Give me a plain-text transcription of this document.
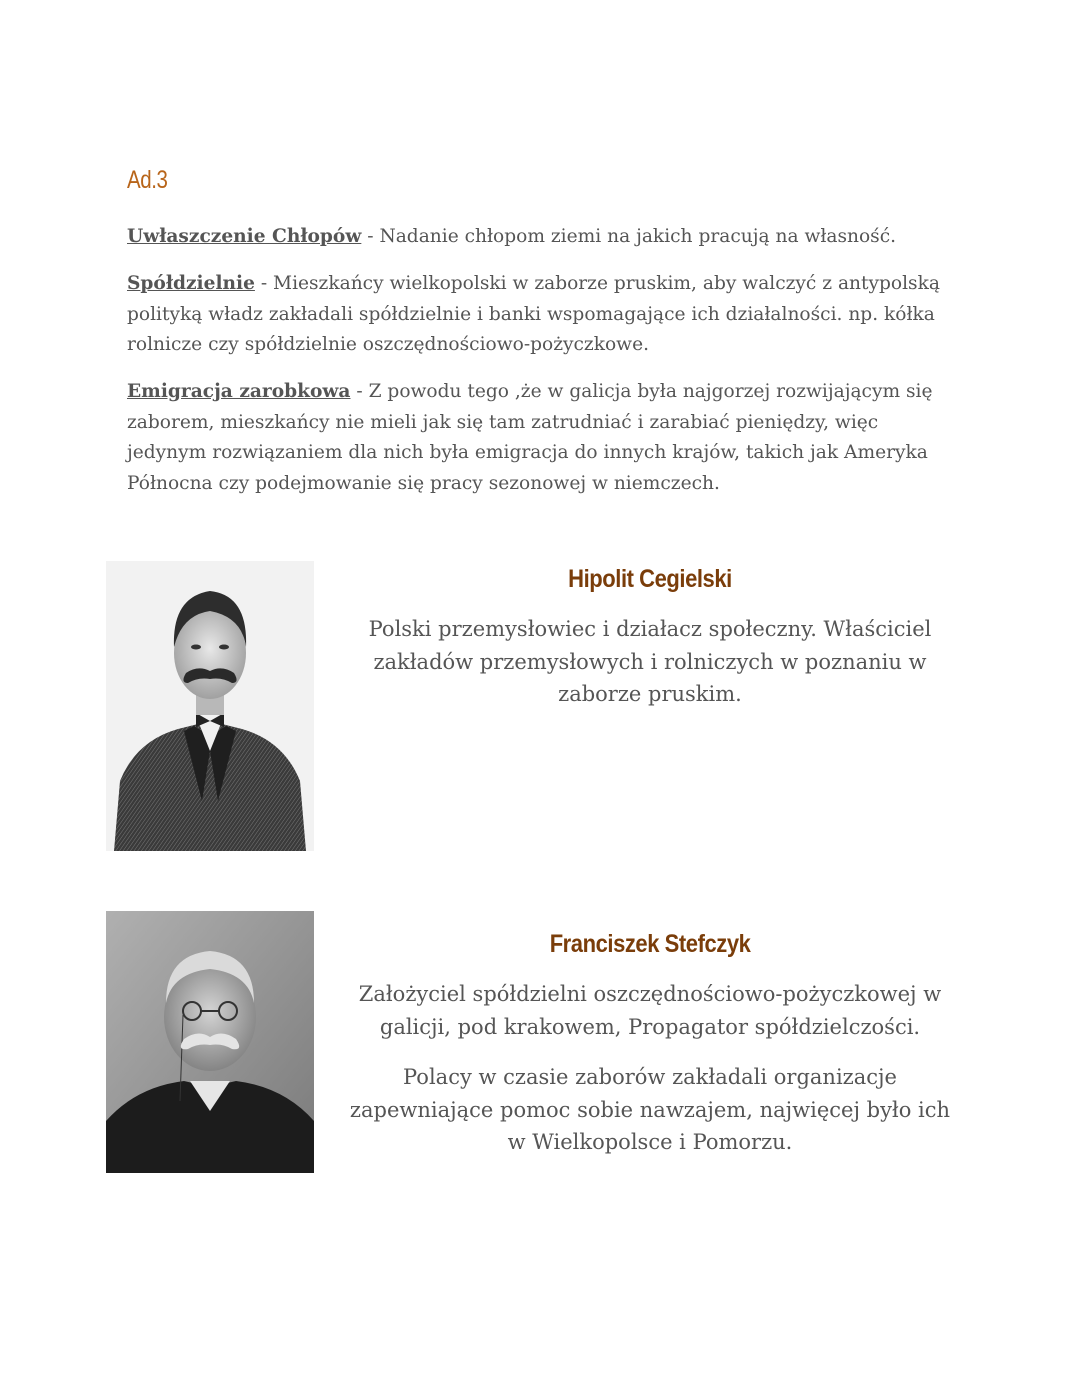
Ad.3

Uwłaszczenie Chłopów - Nadanie chłopom ziemi na jakich pracują na własność.

Spółdzielnie - Mieszkańcy wielkopolski w zaborze pruskim, aby walczyć z antypolską polityką władz zakładali spółdzielnie i banki wspomagające ich działalności. np. kółka rolnicze czy spółdzielnie oszczędnościowo-pożyczkowe.

Emigracja zarobkowa - Z powodu tego ,że w galicja była najgorzej rozwijającym się zaborem, mieszkańcy nie mieli jak się tam zatrudniać i zarabiać pieniędzy, więc jedynym rozwiązaniem dla nich była emigracja do innych krajów, takich jak Ameryka Północna czy podejmowanie się pracy sezonowej w niemczech.

Hipolit Cegielski

Polski przemysłowiec i działacz społeczny. Właściciel zakładów przemysłowych i rolniczych w poznaniu w zaborze pruskim.

Franciszek Stefczyk

Założyciel spółdzielni oszczędnościowo-pożyczkowej w galicji, pod krakowem, Propagator spółdzielczości.

Polacy w czasie zaborów zakładali organizacje zapewniające pomoc sobie nawzajem, najwięcej było ich w Wielkopolsce i Pomorzu.
